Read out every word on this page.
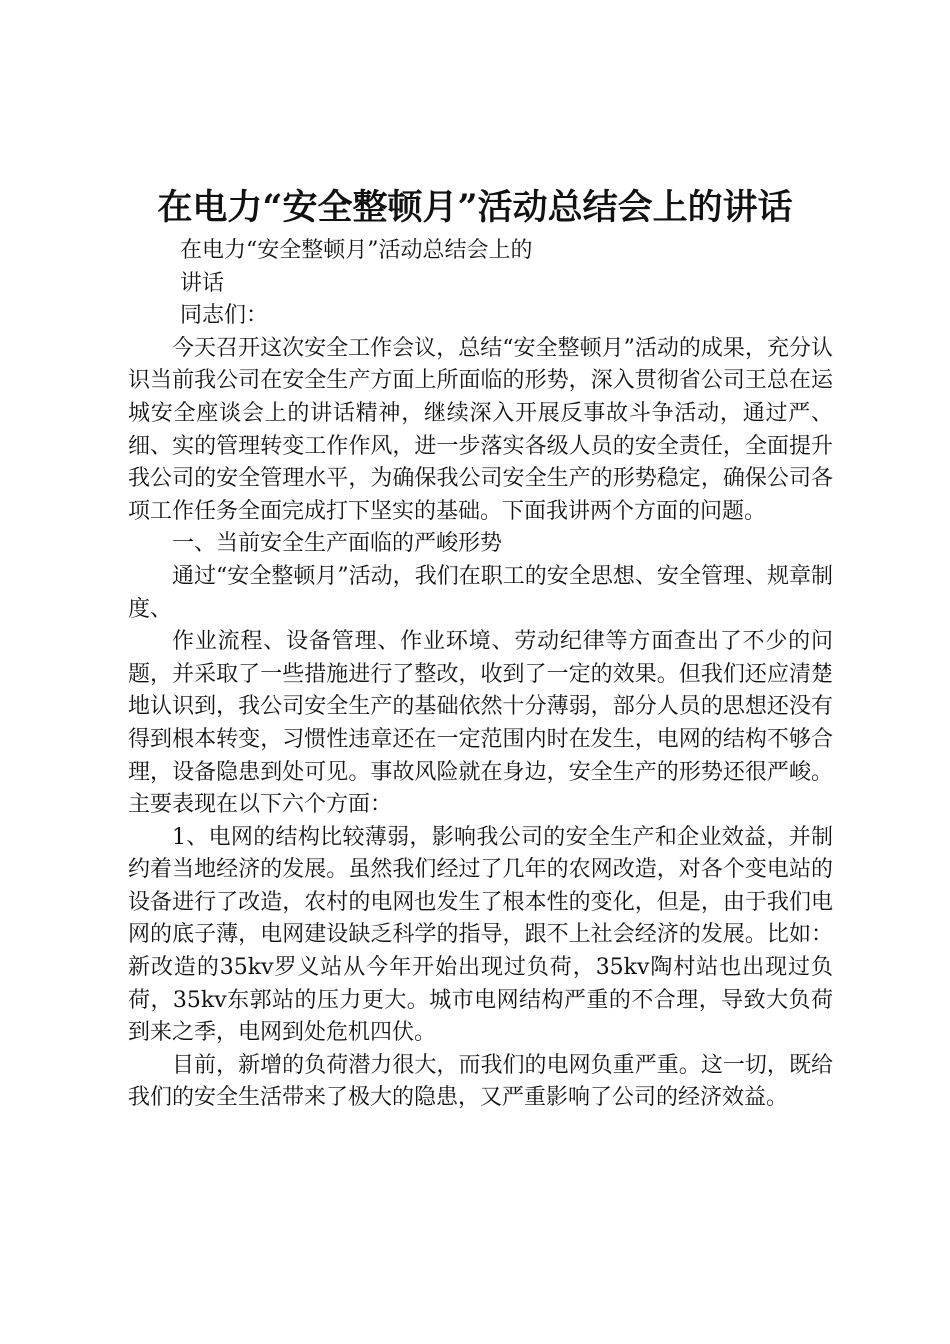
在电力“安全整顿月”活动总结会上的讲话

在电力“安全整顿月”活动总结会上的

讲话

同志们：

今天召开这次安全工作会议，总结“安全整顿月”活动的成果，充分认识当前我公司在安全生产方面上所面临的形势，深入贯彻省公司王总在运城安全座谈会上的讲话精神，继续深入开展反事故斗争活动，通过严、细、实的管理转变工作作风，进一步落实各级人员的安全责任，全面提升我公司的安全管理水平，为确保我公司安全生产的形势稳定，确保公司各项工作任务全面完成打下坚实的基础。下面我讲两个方面的问题。

一、当前安全生产面临的严峻形势

通过“安全整顿月”活动，我们在职工的安全思想、安全管理、规章制度、

作业流程、设备管理、作业环境、劳动纪律等方面查出了不少的问题，并采取了一些措施进行了整改，收到了一定的效果。但我们还应清楚地认识到，我公司安全生产的基础依然十分薄弱，部分人员的思想还没有得到根本转变，习惯性违章还在一定范围内时在发生，电网的结构不够合理，设备隐患到处可见。事故风险就在身边，安全生产的形势还很严峻。主要表现在以下六个方面：

1、电网的结构比较薄弱，影响我公司的安全生产和企业效益，并制约着当地经济的发展。虽然我们经过了几年的农网改造，对各个变电站的设备进行了改造，农村的电网也发生了根本性的变化，但是，由于我们电网的底子薄，电网建设缺乏科学的指导，跟不上社会经济的发展。比如：新改造的35kv罗义站从今年开始出现过负荷，35kv陶村站也出现过负荷，35kv东郭站的压力更大。城市电网结构严重的不合理，导致大负荷到来之季，电网到处危机四伏。

目前，新增的负荷潜力很大，而我们的电网负重严重。这一切，既给我们的安全生活带来了极大的隐患，又严重影响了公司的经济效益。
